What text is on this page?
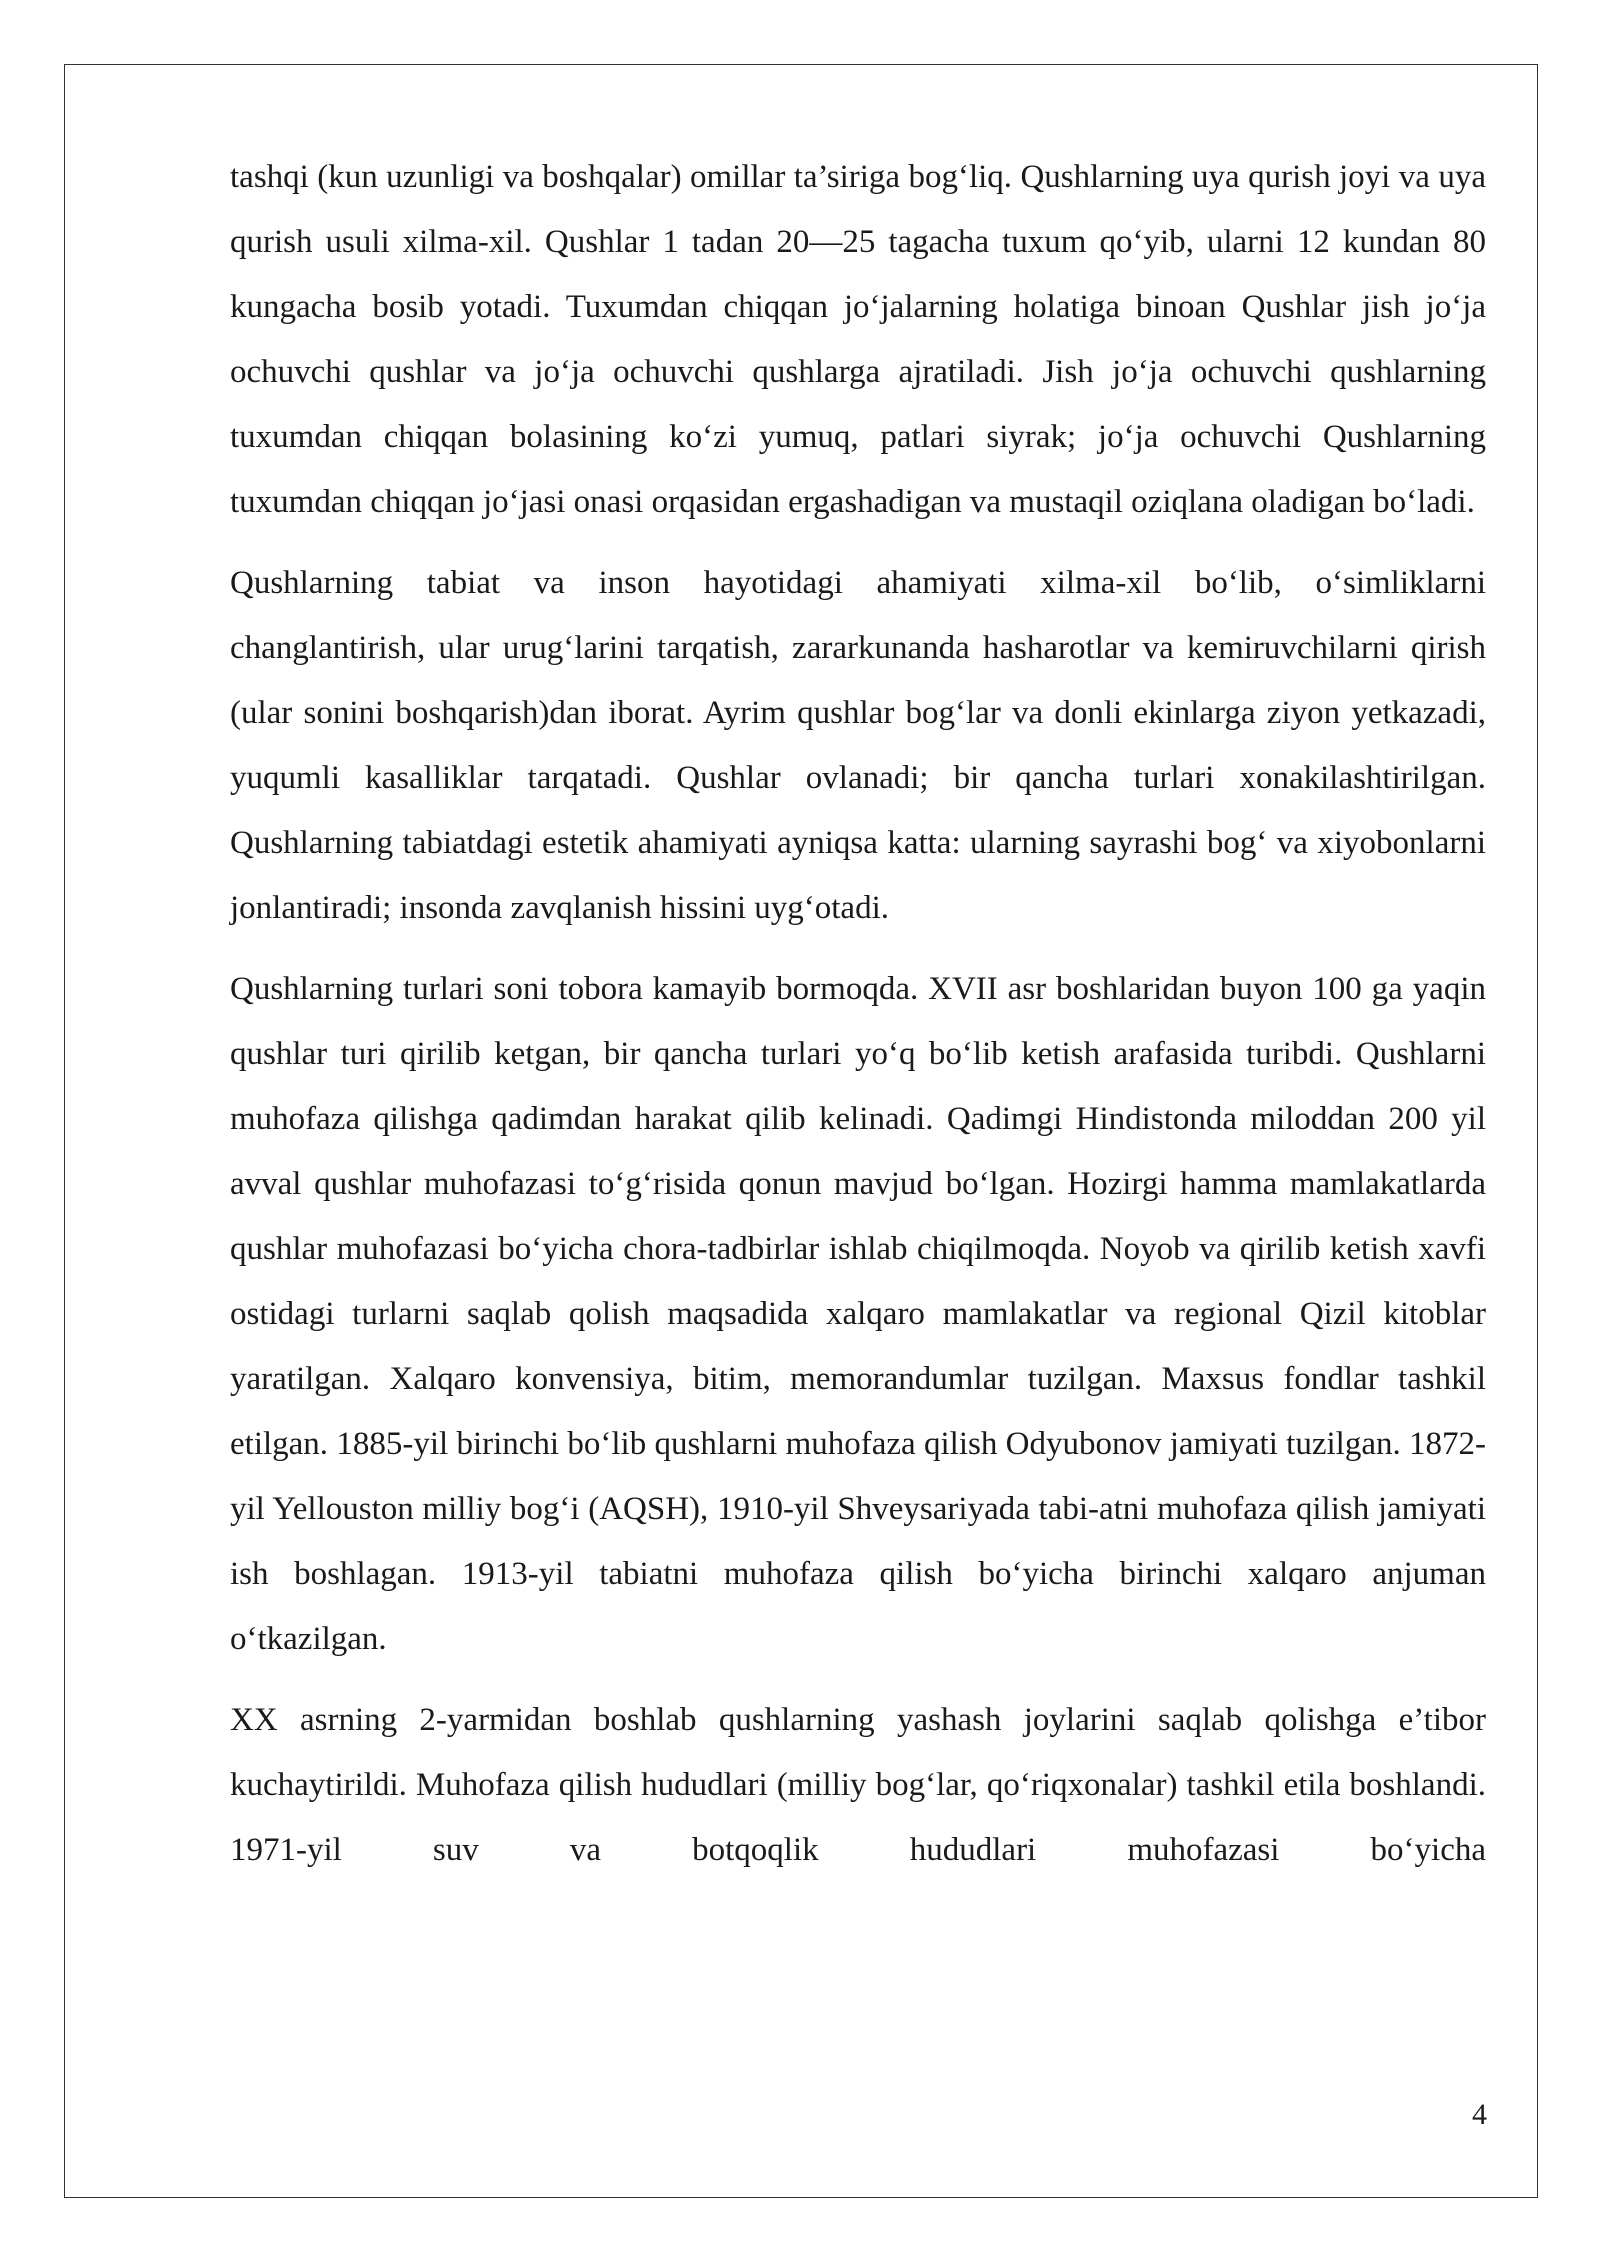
tashqi (kun uzunligi va boshqalar) omillar ta’siriga bog‘liq. Qushlarning uya qurish joyi va uya qurish usuli xilma-xil. Qushlar 1 tadan 20—25 tagacha tuxum qo‘yib, ularni 12 kundan 80 kungacha bosib yotadi. Tuxumdan chiqqan jo‘jalarning holatiga binoan Qushlar jish jo‘ja ochuvchi qushlar va jo‘ja ochuvchi qushlarga ajratiladi. Jish jo‘ja ochuvchi qushlarning tuxumdan chiqqan bolasining ko‘zi yumuq, patlari siyrak; jo‘ja ochuvchi Qushlarning tuxumdan chiqqan jo‘jasi onasi orqasidan ergashadigan va mustaqil oziqlana oladigan bo‘ladi.

Qushlarning tabiat va inson hayotidagi ahamiyati xilma-xil bo‘lib, o‘simliklarni changlantirish, ular urug‘larini tarqatish, zararkunanda hasharotlar va kemiruvchilarni qirish (ular sonini boshqarish)dan iborat. Ayrim qushlar bog‘lar va donli ekinlarga ziyon yetkazadi, yuqumli kasalliklar tarqatadi. Qushlar ovlanadi; bir qancha turlari xonakilashtirilgan. Qushlarning tabiatdagi estetik ahamiyati ayniqsa katta: ularning sayrashi bog‘ va xiyobonlarni jonlantiradi; insonda zavqlanish hissini uyg‘otadi.

Qushlarning turlari soni tobora kamayib bormoqda. XVII asr boshlaridan buyon 100 ga yaqin qushlar turi qirilib ketgan, bir qancha turlari yo‘q bo‘lib ketish arafasida turibdi. Qushlarni muhofaza qilishga qadimdan harakat qilib kelinadi. Qadimgi Hindistonda miloddan 200 yil avval qushlar muhofazasi to‘g‘risida qonun mavjud bo‘lgan. Hozirgi hamma mamlakatlarda qushlar muhofazasi bo‘yicha chora-tadbirlar ishlab chiqilmoqda. Noyob va qirilib ketish xavfi ostidagi turlarni saqlab qolish maqsadida xalqaro mamlakatlar va regional Qizil kitoblar yaratilgan. Xalqaro konvensiya, bitim, memorandumlar tuzilgan. Maxsus fondlar tashkil etilgan. 1885-yil birinchi bo‘lib qushlarni muhofaza qilish Odyubonov jamiyati tuzilgan. 1872-yil Yellouston milliy bog‘i (AQSH), 1910-yil Shveysariyada tabi-atni muhofaza qilish jamiyati ish boshlagan. 1913-yil tabiatni muhofaza qilish bo‘yicha birinchi xalqaro anjuman o‘tkazilgan.

XX asrning 2-yarmidan boshlab qushlarning yashash joylarini saqlab qolishga e’tibor kuchaytirildi. Muhofaza qilish hududlari (milliy bog‘lar, qo‘riqxonalar) tashkil etila boshlandi. 1971-yil suv va botqoqlik hududlari muhofazasi bo‘yicha

4
